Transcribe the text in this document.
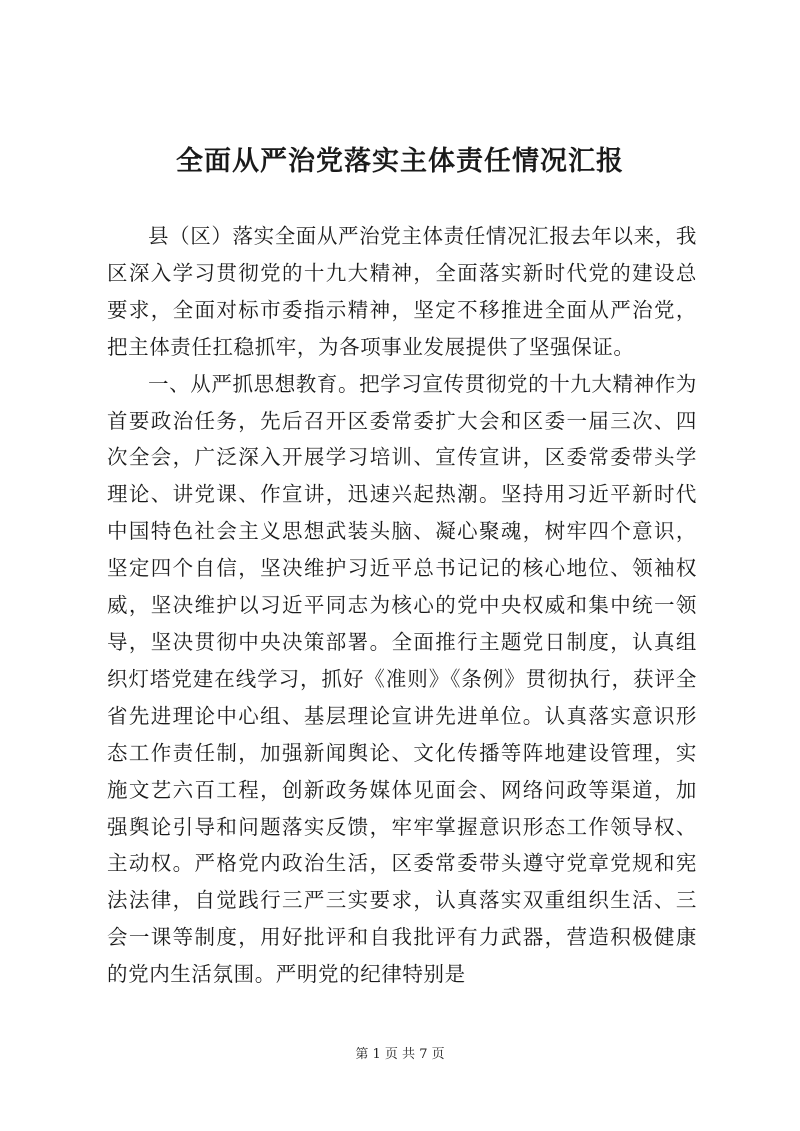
全面从严治党落实主体责任情况汇报

县（区）落实全面从严治党主体责任情况汇报去年以来，我区深入学习贯彻党的十九大精神，全面落实新时代党的建设总要求，全面对标市委指示精神，坚定不移推进全面从严治党，把主体责任扛稳抓牢，为各项事业发展提供了坚强保证。

一、从严抓思想教育。把学习宣传贯彻党的十九大精神作为首要政治任务，先后召开区委常委扩大会和区委一届三次、四次全会，广泛深入开展学习培训、宣传宣讲，区委常委带头学理论、讲党课、作宣讲，迅速兴起热潮。坚持用习近平新时代中国特色社会主义思想武装头脑、凝心聚魂，树牢四个意识，坚定四个自信，坚决维护习近平总书记记的核心地位、领袖权威，坚决维护以习近平同志为核心的党中央权威和集中统一领导，坚决贯彻中央决策部署。全面推行主题党日制度，认真组织灯塔党建在线学习，抓好《准则》《条例》贯彻执行，获评全省先进理论中心组、基层理论宣讲先进单位。认真落实意识形态工作责任制，加强新闻舆论、文化传播等阵地建设管理，实施文艺六百工程，创新政务媒体见面会、网络问政等渠道，加强舆论引导和问题落实反馈，牢牢掌握意识形态工作领导权、主动权。严格党内政治生活，区委常委带头遵守党章党规和宪法法律，自觉践行三严三实要求，认真落实双重组织生活、三会一课等制度，用好批评和自我批评有力武器，营造积极健康的党内生活氛围。严明党的纪律特别是

第 1 页 共 7 页
